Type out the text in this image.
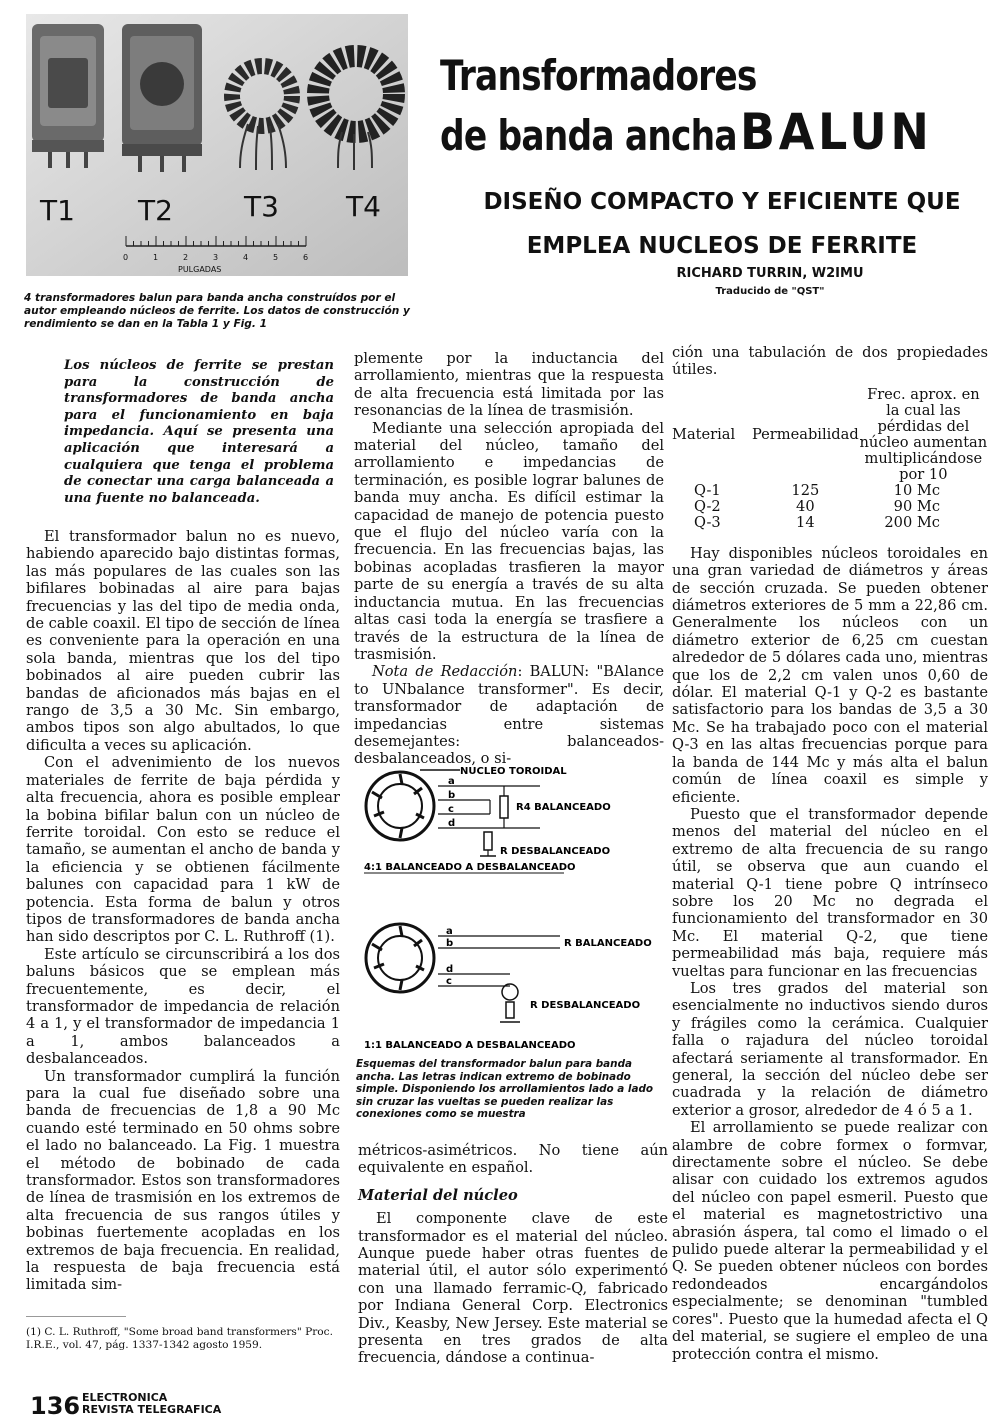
T1 T2	T3 T4
0	1	2	3	4	5	6
PULGADAS

4 transformadores balun para banda ancha construídos por el autor empleando núcleos de ferrite. Los datos de construcción y rendimiento se dan en la Tabla 1 y Fig. 1

Transformadores
de banda ancha BALUN
DISEÑO COMPACTO Y EFICIENTE QUE
EMPLEA NUCLEOS DE FERRITE

RICHARD TURRIN, W2IMU

Traducido de "QST"

Los núcleos de ferrite se prestan para la construcción de transformadores de banda ancha para el funcionamiento en baja impedancia. Aquí se presenta una aplicación que interesará a cualquiera que tenga el problema de conectar una carga balanceada a una fuente no balanceada.

El transformador balun no es nuevo, habiendo aparecido bajo distintas formas, las más populares de las cuales son las bifilares bobinadas al aire para bajas frecuencias y las del tipo de media onda, de cable coaxil. El tipo de sección de línea es conveniente para la operación en una sola banda, mientras que los del tipo bobinados al aire pueden cubrir las bandas de aficionados más bajas en el rango de 3,5 a 30 Mc. Sin embargo, ambos tipos son algo abultados, lo que dificulta a veces su aplicación.

Con el advenimiento de los nuevos materiales de ferrite de baja pérdida y alta frecuencia, ahora es posible emplear la bobina bifilar balun con un núcleo de ferrite toroidal. Con esto se reduce el tamaño, se aumentan el ancho de banda y la eficiencia y se obtienen fácilmente balunes con capacidad para 1 kW de potencia. Esta forma de balun y otros tipos de transformadores de banda ancha han sido descriptos por C. L. Ruthroff (1).

Este artículo se circunscribirá a los dos baluns básicos que se emplean más frecuentemente, es decir, el transformador de impedancia de relación 4 a 1, y el transformador de impedancia 1 a 1, ambos balanceados a desbalanceados.

Un transformador cumplirá la función para la cual fue diseñado sobre una banda de frecuencias de 1,8 a 90 Mc cuando esté terminado en 50 ohms sobre el lado no balanceado. La Fig. 1 muestra el método de bobinado de cada transformador. Estos son transformadores de línea de trasmisión en los extremos de alta frecuencia de sus rangos útiles y bobinas fuertemente acopladas en los extremos de baja frecuencia. En realidad, la respuesta de baja frecuencia está limitada sim-

(1) C. L. Ruthroff, "Some broad band transformers" Proc. I.R.E., vol. 47, pág. 1337-1342 agosto 1959.

plemente por la inductancia del arrollamiento, mientras que la respuesta de alta frecuencia está limitada por las resonancias de la línea de trasmisión.

Mediante una selección apropiada del material del núcleo, tamaño del arrollamiento e impedancias de terminación, es posible lograr balunes de banda muy ancha. Es difícil estimar la capacidad de manejo de potencia puesto que el flujo del núcleo varía con la frecuencia. En las frecuencias bajas, las bobinas acopladas trasfieren la mayor parte de su energía a través de su alta inductancia mutua. En las frecuencias altas casi toda la energía se trasfiere a través de la estructura de la línea de trasmisión.

Nota de Redacción: BALUN: "BAlance to UNbalance transformer". Es decir, transformador de adaptación de impedancias entre sistemas desemejantes: balanceados-desbalanceados, o si-

NUCLEO TOROIDAL
a
b
c
d
R4 BALANCEADO
R DESBALANCEADO
4:1 BALANCEADO A DESBALANCEADO
a
b
d
c
R BALANCEADO
R DESBALANCEADO
1:1 BALANCEADO A DESBALANCEADO
Esquemas del transformador balun para banda ancha. Las letras indican extremo de bobinado simple. Disponiendo los arrollamientos lado a lado sin cruzar las vueltas se pueden realizar las conexiones como se muestra

métricos-asimétricos. No tiene aún equivalente en español.

Material del núcleo

El componente clave de este transformador es el material del núcleo. Aunque puede haber otras fuentes de material útil, el autor sólo experimentó con una llamado ferramic-Q, fabricado por Indiana General Corp. Electronics Div., Keasby, New Jersey. Este material se presenta en tres grados de alta frecuencia, dándose a continua-

ción una tabulación de dos propiedades útiles.

Material	Permeabilidad	Frec. aprox. en la cual las pérdidas del núcleo aumentan multiplicándose por 10
Q-1	125	10 Mc
Q-2	40	90 Mc
Q-3	14	200 Mc

Hay disponibles núcleos toroidales en una gran variedad de diámetros y áreas de sección cruzada. Se pueden obtener diámetros exteriores de 5 mm a 22,86 cm. Generalmente los núcleos con un diámetro exterior de 6,25 cm cuestan alrededor de 5 dólares cada uno, mientras que los de 2,2 cm valen unos 0,60 de dólar. El material Q-1 y Q-2 es bastante satisfactorio para los bandas de 3,5 a 30 Mc. Se ha trabajado poco con el material Q-3 en las altas frecuencias porque para la banda de 144 Mc y más alta el balun común de línea coaxil es simple y eficiente.

Puesto que el transformador depende menos del material del núcleo en el extremo de alta frecuencia de su rango útil, se observa que aun cuando el material Q-1 tiene pobre Q intrínseco sobre los 20 Mc no degrada el funcionamiento del transformador en 30 Mc. El material Q-2, que tiene permeabilidad más baja, requiere más vueltas para funcionar en las frecuencias

Los tres grados del material son esencialmente no inductivos siendo duros y frágiles como la cerámica. Cualquier falla o rajadura del núcleo toroidal afectará seriamente al transformador. En general, la sección del núcleo debe ser cuadrada y la relación de diámetro exterior a grosor, alrededor de 4 ó 5 a 1.

El arrollamiento se puede realizar con alambre de cobre formex o formvar, directamente sobre el núcleo. Se debe alisar con cuidado los extremos agudos del núcleo con papel esmeril. Puesto que el material es magnetostrictivo una abrasión áspera, tal como el limado o el pulido puede alterar la permeabilidad y el Q. Se pueden obtener núcleos con bordes redondeados encargándolos especialmente; se denominan "tumbled cores". Puesto que la humedad afecta el Q del material, se sugiere el empleo de una protección contra el mismo.

136 ELECTRONICA
REVISTA TELEGRAFICA
